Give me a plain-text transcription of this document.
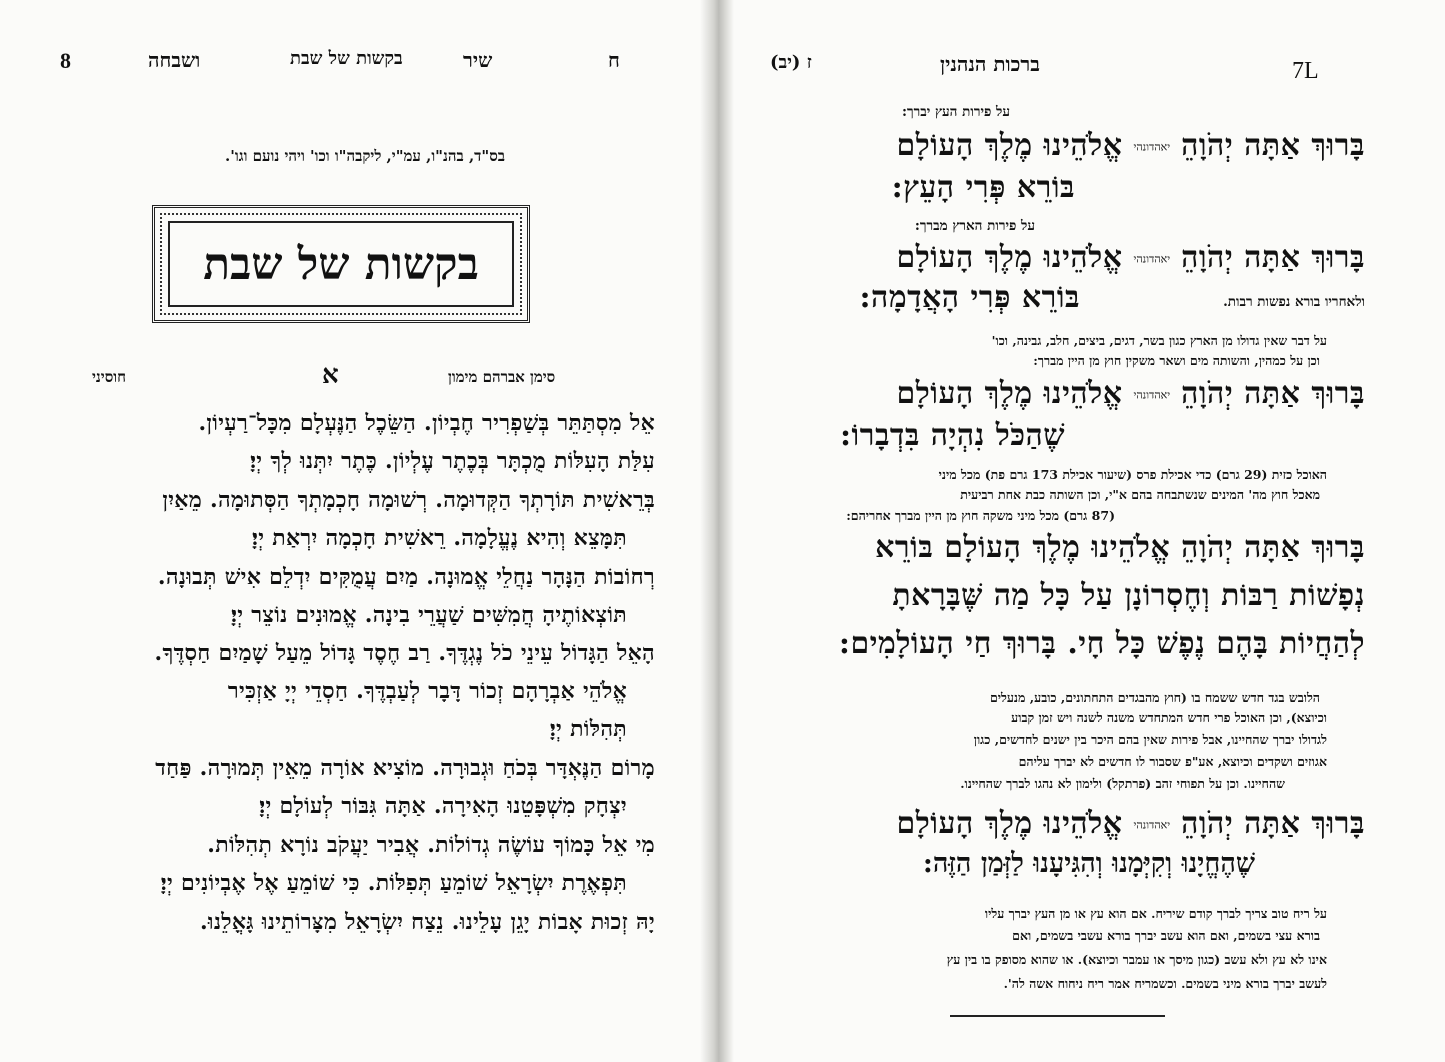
8	ושבחה	בקשות של שבת	שיר	ח
בס"ד, בהנ"ו, עמ"י, ליקבה"ו וכו' ויהי נועם וגו'.
בקשות של שבת
סימן אברהם מימון
א
חוסיני
אֵל מִסְתַּתֵּר בְּשַׁפְרִיר חֶבְיוֹן. הַשֵּׂכֶל הַנֶּעְלָם מִכָּל־רַעְיוֹן.
עִלַּת הָעִלּוֹת מֻכְתָּר בְּכֶתֶר עֶלְיוֹן. כֶּתֶר יִתְּנוּ לְךָ יְיָ׃
בְּרֵאשִׁית תּוֹרָתְךָ הַקְּדוּמָה. רְשׁוּמָה חָכְמָתְךָ הַסְּתוּמָה. מֵאַיִן
תִּמָּצֵא וְהִיא נֶעֱלָמָה. רֵאשִׁית חָכְמָה יִרְאַת יְיָ׃
רְחוֹבוֹת הַנָּהָר נַחֲלֵי אֱמוּנָה. מַיִם עֲמֻקִּים יִדְלֵם אִישׁ תְּבוּנָה.
תּוֹצְאוֹתֶיהָ חֲמִשִּׁים שַׁעֲרֵי בִינָה. אֱמוּנִים נוֹצֵר יְיָ׃
הָאֵל הַגָּדוֹל עֵינֵי כֹל נֶגְדֶּךָ. רַב חֶסֶד גָּדוֹל מֵעַל שָׁמַיִם חַסְדֶּךָ.
אֱלֹהֵי אַבְרָהָם זְכוֹר דָּבָר לְעַבְדֶּךָ. חַסְדֵי יְיָ אַזְכִּיר
תְּהִלּוֹת יְיָ׃
מָרוֹם הַנֶּאְדָּר בְּכֹחַ וּגְבוּרָה. מוֹצִיא אוֹרָה מֵאֵין תְּמוּרָה. פַּחַד
יִצְחָק מִשְׁפָּטֵנוּ הָאִירָה. אַתָּה גִּבּוֹר לְעוֹלָם יְיָ׃
מִי אֵל כָּמוֹךָ עוֹשֶׂה גְדוֹלוֹת. אֲבִיר יַעֲקֹב נוֹרָא תְהִלּוֹת.
תִּפְאֶרֶת יִשְׂרָאֵל שׁוֹמֵעַ תְּפִלּוֹת. כִּי שׁוֹמֵעַ אֶל אֶבְיוֹנִים יְיָ׃
יָהּ זְכוּת אָבוֹת יָגֵן עָלֵינוּ. נֵצַח יִשְׂרָאֵל מִצָּרוֹתֵינוּ גָּאֳלֵנוּ.
ז (יב)	ברכות הנהנין	7L
על פירות העץ יברך:
בָּרוּךְ אַתָּה יְהֹוָהֵ יאהדונהי אֱלֹהֵינוּ מֶלֶךְ הָעוֹלָם
בּוֹרֵא פְּרִי הָעֵץ:
על פירות הארץ מברך:
בָּרוּךְ אַתָּה יְהֹוָהֵ יאהדונהי אֱלֹהֵינוּ מֶלֶךְ הָעוֹלָם
בּוֹרֵא פְּרִי הָאֲדָמָה:	ולאחריו בורא נפשות רבות.
על דבר שאין גדולו מן הארץ כגון בשר, דגים, ביצים, חלב, גבינה, וכו'
וכן על כמהין, והשותה מים ושאר משקין חוץ מן היין מברך:
בָּרוּךְ אַתָּה יְהֹוָהֵ יאהדונהי אֱלֹהֵינוּ מֶלֶךְ הָעוֹלָם
שֶׁהַכֹּל נִהְיָה בִּדְבָרוֹ:
האוכל כזית (29 גרם) כדי אכילת פרס (שיעור אכילת 173 גרם פת) מכל מיני
מאכל חוץ מה' המינים שנשתבחה בהם א"י, וכן השותה כבת אחת רביעית
(87 גרם) מכל מיני משקה חוץ מן היין מברך אחריהם:
בָּרוּךְ אַתָּה יְהֹוָהֵ אֱלֹהֵינוּ מֶלֶךְ הָעוֹלָם בּוֹרֵא
נְפָשׁוֹת רַבּוֹת וְחֶסְרוֹנָן עַל כָּל מַה שֶּׁבָּרָאתָ
לְהַחֲיוֹת בָּהֶם נֶפֶשׁ כָּל חָי. בָּרוּךְ חַי הָעוֹלָמִים:
הלובש בגד חדש ששמח בו (חוץ מהבגדים התחתונים, כובע, מנעלים
וכיוצא), וכן האוכל פרי חדש המתחדש משנה לשנה ויש זמן קבוע
לגדולו יברך שהחיינו, אבל פירות שאין בהם היכר בין ישנים לחדשים, כגון
אגוזים ושקדים וכיוצא, אע"פ שסבור לו חדשים לא יברך עליהם
שהחיינו. וכן על תפוחי זהב (פרתקל) ולימון לא נהגו לברך שהחיינו.
בָּרוּךְ אַתָּה יְהֹוָהֵ יאהדונהי אֱלֹהֵינוּ מֶלֶךְ הָעוֹלָם
שֶׁהֶחֱיָנוּ וְקִיְּמָנוּ וְהִגִּיעָנוּ לַזְּמַן הַזֶּה:
על ריח טוב צריך לברך קודם שיריח. אם הוא עץ או מן העץ יברך עליו
בורא עצי בשמים, ואם הוא עשב יברך בורא עשבי בשמים, ואם
אינו לא עץ ולא עשב (כגון מיסך או עמבר וכיוצא). או שהוא מסופק בו בין עץ
לעשב יברך בורא מיני בשמים. וכשמריח אמר ריח ניחוח אשה לה'.
